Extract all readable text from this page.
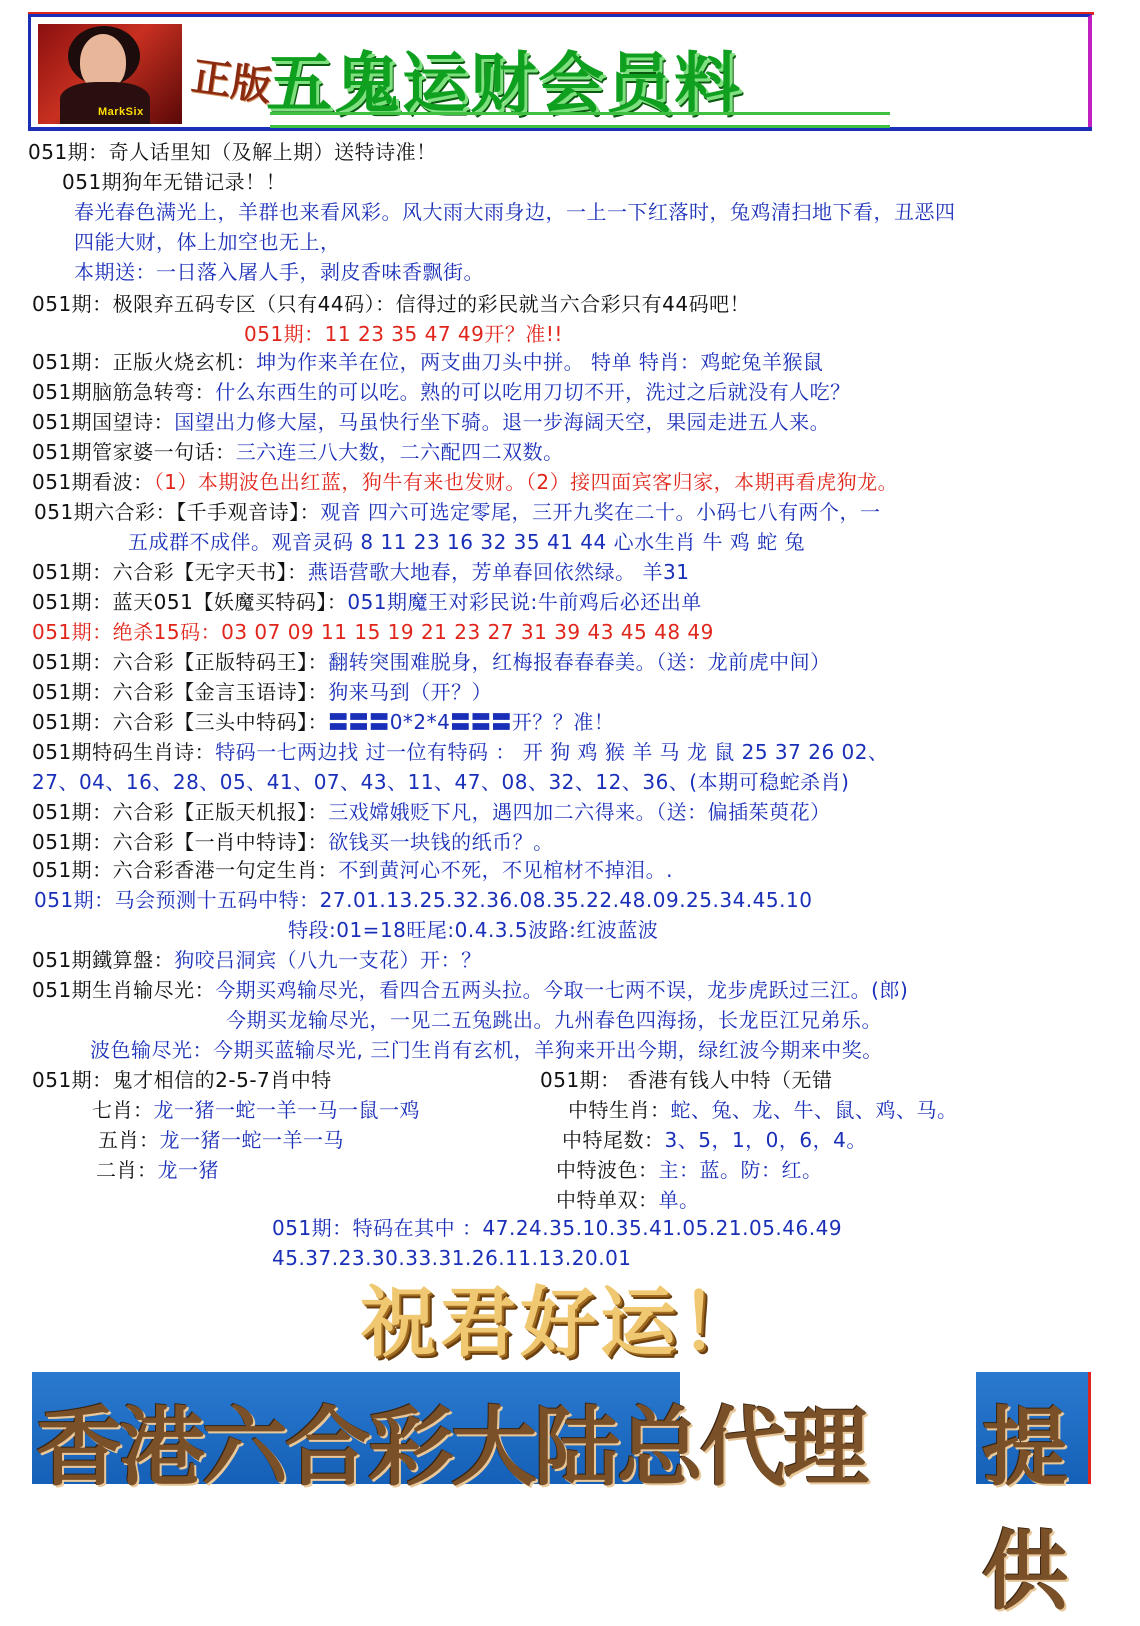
MarkSix
正版
五鬼运财会员料
051期：奇人话里知（及解上期）送特诗准！
051期狗年无错记录！！
春光春色满光上，羊群也来看风彩。风大雨大雨身边，一上一下红落时，兔鸡清扫地下看，丑恶四
四能大财，体上加空也无上，
本期送：一日落入屠人手，剥皮香味香飘街。
051期：极限弃五码专区（只有44码）：信得过的彩民就当六合彩只有44码吧！
051期：11 23 35 47 49开？准!!
051期：正版火烧玄机：坤为作来羊在位，两支曲刀头中拼。 特单 特肖：鸡蛇兔羊猴鼠
051期脑筋急转弯：什么东西生的可以吃。熟的可以吃用刀切不开，洗过之后就没有人吃？
051期国望诗：国望出力修大屋，马虽快行坐下骑。退一步海阔天空，果园走进五人来。
051期管家婆一句话：三六连三八大数，二六配四二双数。
051期看波：（1）本期波色出红蓝，狗牛有来也发财。（2）接四面宾客归家，本期再看虎狗龙。
051期六合彩：【千手观音诗】：观音 四六可选定零尾，三开九奖在二十。小码七八有两个，一
五成群不成伴。观音灵码 8 11 23 16 32 35 41 44 心水生肖 牛 鸡 蛇 兔
051期：六合彩【无字天书】：燕语营歌大地春，芳单春回依然绿。 羊31
051期：蓝天051【妖魔买特码】：051期魔王对彩民说:牛前鸡后必还出单
051期：绝杀15码：03 07 09 11 15 19 21 23 27 31 39 43 45 48 49
051期：六合彩【正版特码王】：翻转突围难脱身，红梅报春春春美。（送：龙前虎中间）
051期：六合彩【金言玉语诗】：狗来马到（开？）
051期：六合彩【三头中特码】：〓〓〓0*2*4〓〓〓开？？准！
051期特码生肖诗：特码一七两边找 过一位有特码 ： 开 狗 鸡 猴 羊 马 龙 鼠 25 37 26 02、
27、04、16、28、05、41、07、43、11、47、08、32、12、36、(本期可稳蛇杀肖)
051期：六合彩【正版天机报】：三戏嫦娥贬下凡，遇四加二六得来。（送：偏插茱萸花）
051期：六合彩【一肖中特诗】：欲钱买一块钱的纸币？。
051期：六合彩香港一句定生肖：不到黄河心不死，不见棺材不掉泪。.
051期：马会预测十五码中特：27.01.13.25.32.36.08.35.22.48.09.25.34.45.10
特段:01=18旺尾:0.4.3.5波路:红波蓝波
051期鐵算盤：狗咬吕洞宾（八九一支花）开：？
051期生肖输尽光：今期买鸡输尽光，看四合五两头拉。今取一七两不误，龙步虎跃过三江。(郎)
今期买龙输尽光，一见二五兔跳出。九州春色四海扬，长龙臣江兄弟乐。
波色输尽光：今期买蓝输尽光, 三门生肖有玄机，羊狗来开出今期，绿红波今期来中奖。
051期：鬼才相信的2-5-7肖中特	051期： 香港有钱人中特（无错
七肖：龙一猪一蛇一羊一马一鼠一鸡	中特生肖：蛇、兔、龙、牛、鼠、鸡、马。
五肖：龙一猪一蛇一羊一马	中特尾数：3、5，1，0，6，4。
二肖：龙一猪	中特波色：主：蓝。防：红。
中特单双：单。
051期：特码在其中 ：47.24.35.10.35.41.05.21.05.46.49
45.37.23.30.33.31.26.11.13.20.01
祝君好运！
香港六合彩大陆总代理 提供
